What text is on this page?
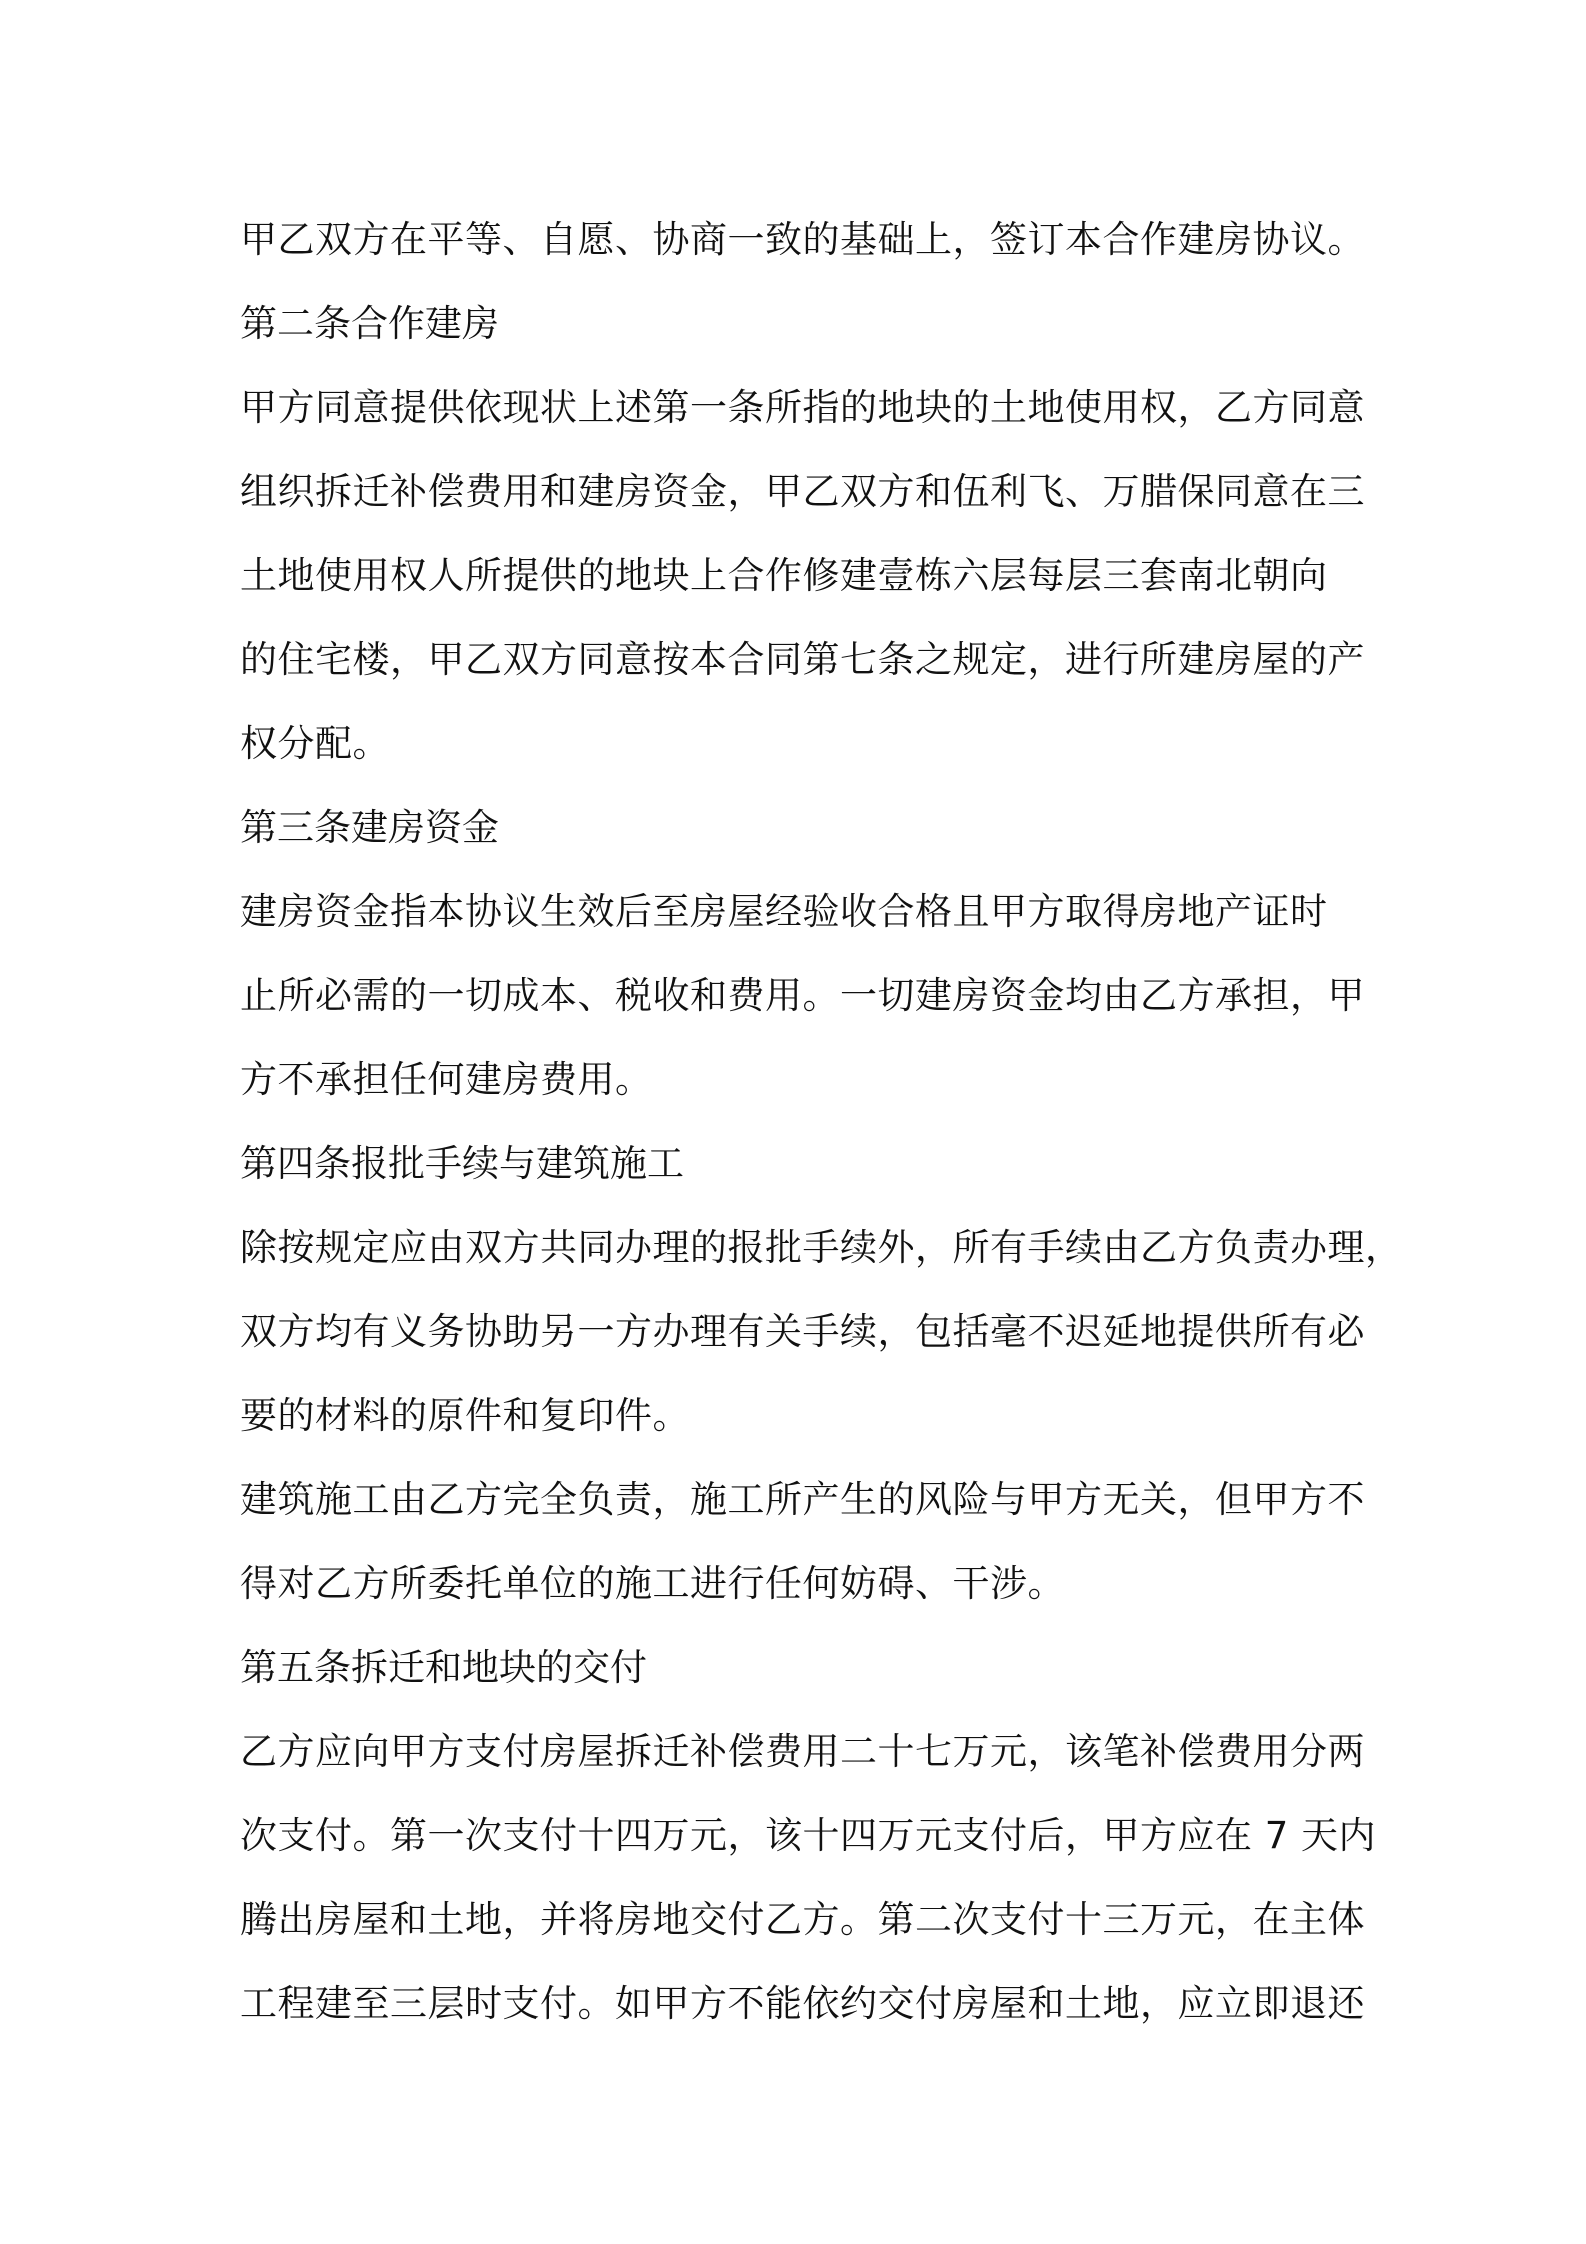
甲乙双方在平等、自愿、协商一致的基础上，签订本合作建房协议。
第二条合作建房
甲方同意提供依现状上述第一条所指的地块的土地使用权，乙方同意
组织拆迁补偿费用和建房资金，甲乙双方和伍利飞、万腊保同意在三
土地使用权人所提供的地块上合作修建壹栋六层每层三套南北朝向
的住宅楼，甲乙双方同意按本合同第七条之规定，进行所建房屋的产
权分配。
第三条建房资金
建房资金指本协议生效后至房屋经验收合格且甲方取得房地产证时
止所必需的一切成本、税收和费用。一切建房资金均由乙方承担，甲
方不承担任何建房费用。
第四条报批手续与建筑施工
除按规定应由双方共同办理的报批手续外，所有手续由乙方负责办理，
双方均有义务协助另一方办理有关手续，包括毫不迟延地提供所有必
要的材料的原件和复印件。
建筑施工由乙方完全负责，施工所产生的风险与甲方无关，但甲方不
得对乙方所委托单位的施工进行任何妨碍、干涉。
第五条拆迁和地块的交付
乙方应向甲方支付房屋拆迁补偿费用二十七万元，该笔补偿费用分两
次支付。第一次支付十四万元，该十四万元支付后，甲方应在 7 天内
腾出房屋和土地，并将房地交付乙方。第二次支付十三万元，在主体
工程建至三层时支付。如甲方不能依约交付房屋和土地，应立即退还
